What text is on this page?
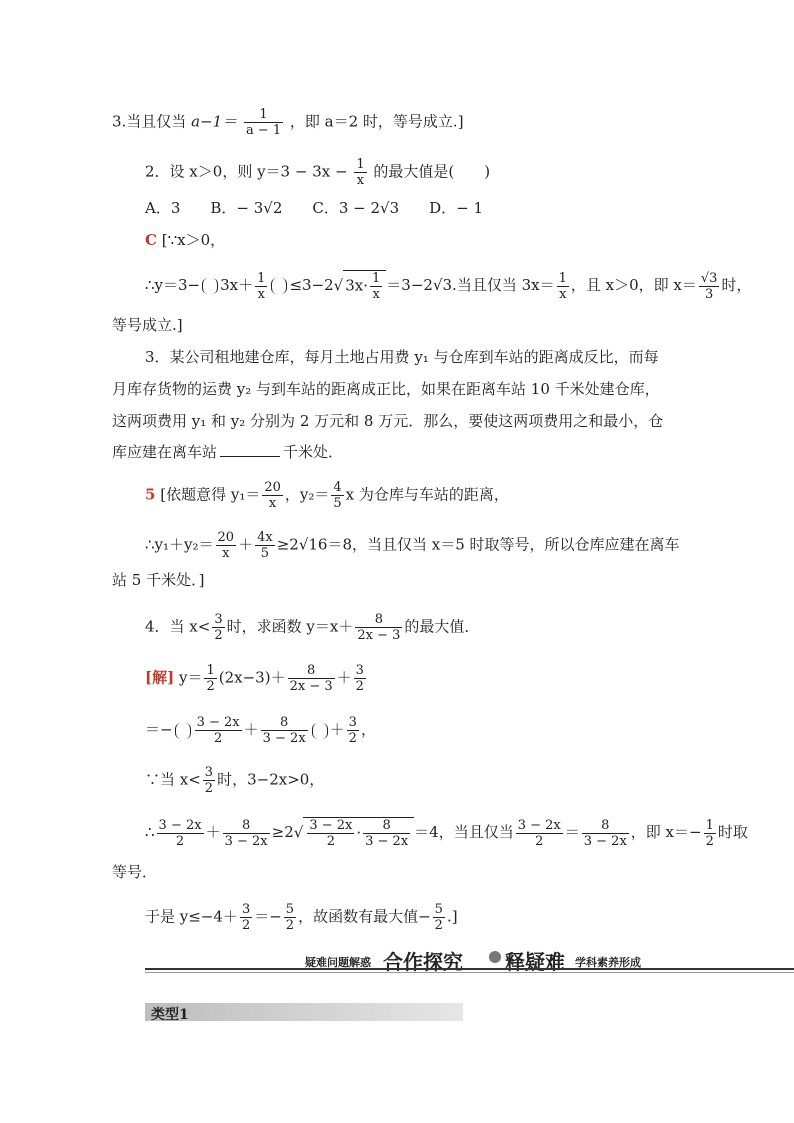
3.当且仅当 $a-1= \frac{1}{a - 1}$ ，即 a＝2 时，等号成立.]
2．设 x＞0，则 $y=3 - 3x - \frac{1}{x}$ 的最大值是(　　)
A．3　　B．− 3√2　　C．3 − 2√3　　D．− 1
C [∵x＞0，
∴y＝3− $3x+ \frac{1}{x} \le 3-2√$ $3x\cdot \frac{1}{x} =3-2√3$.当且仅当 $3x= \frac{1}{x}$ ，且 x＞0，即 $x= \frac{√3}{3}$ 时，
等号成立.]
3．某公司租地建仓库，每月土地占用费 y₁ 与仓库到车站的距离成反比，而每
月库存货物的运费 y₂ 与到车站的距离成正比，如果在距离车站 10 千米处建仓库，
这两项费用 y₁ 和 y₂ 分别为 2 万元和 8 万元．那么，要使这两项费用之和最小，仓
库应建在离车站	千米处．
5 [依题意得 $y_1= \frac{20}{x}$ ，$y_2= \frac{4}{5}$ x 为仓库与车站的距离，
∴y₁＋y₂＝ $\frac{20}{x} + \frac{4x}{5} \ge 2√16=8$，当且仅当 x＝5 时取等号，所以仓库应建在离车
站 5 千米处．]
4．当 $x< \frac{3}{2}$ 时，求函数 $y=x+ \frac{8}{2x - 3}$ 的最大值．
[解] $y= \frac{1}{2} (2x-3)+ \frac{8}{2x - 3} + \frac{3}{2}$
＝− $\frac{3 - 2x}{2} + \frac{8}{3 - 2x} + \frac{3}{2}$ ，
∵当 $x< \frac{3}{2}$ 时，3−2x>0，
∴ $\frac{3 - 2x}{2} + \frac{8}{3 - 2x} \ge 2√ \frac{3 - 2x}{2} \cdot \frac{8}{3 - 2x} =4$，当且仅当 $\frac{3 - 2x}{2} = \frac{8}{3 - 2x}$ ，即 $x=- \frac{1}{2}$ 时取
等号．
于是 $y\le-4+ \frac{3}{2} =- \frac{5}{2}$ ，故函数有最大值− $\frac{5}{2}$ .]
疑难问题解惑 合作探究 释疑难 学科素养形成
类型1
